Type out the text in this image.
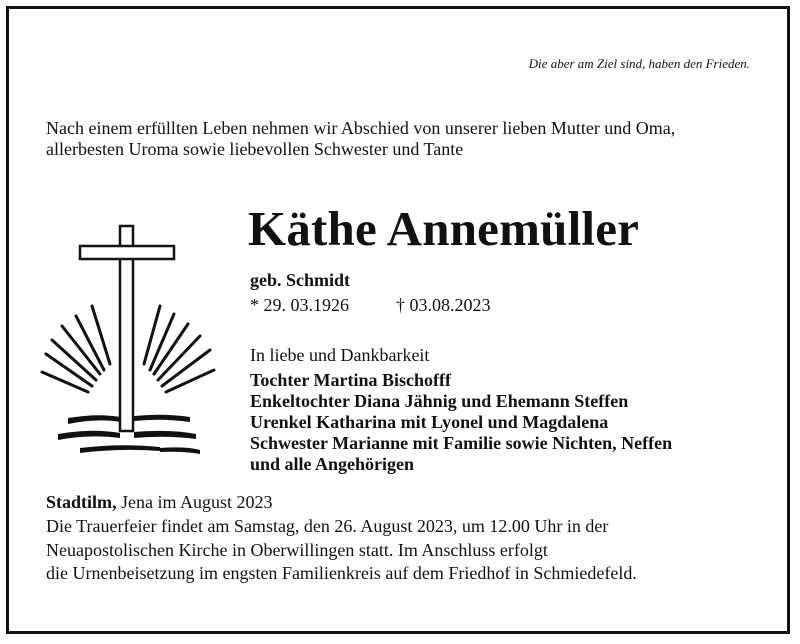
Die aber am Ziel sind, haben den Frieden.
Nach einem erfüllten Leben nehmen wir Abschied von unserer lieben Mutter und Oma,
allerbesten Uroma sowie liebevollen Schwester und Tante
Käthe Annemüller
geb. Schmidt
* 29. 03.1926	† 03.08.2023
In liebe und Dankbarkeit
Tochter Martina Bischofff
Enkeltochter Diana Jähnig und Ehemann Steffen
Urenkel Katharina mit Lyonel und Magdalena
Schwester Marianne mit Familie sowie Nichten, Neffen
und alle Angehörigen
Stadtilm, Jena im August 2023
Die Trauerfeier findet am Samstag, den 26. August 2023, um 12.00 Uhr in der
Neuapostolischen Kirche in Oberwillingen statt. Im Anschluss erfolgt
die Urnenbeisetzung im engsten Familienkreis auf dem Friedhof in Schmiedefeld.
